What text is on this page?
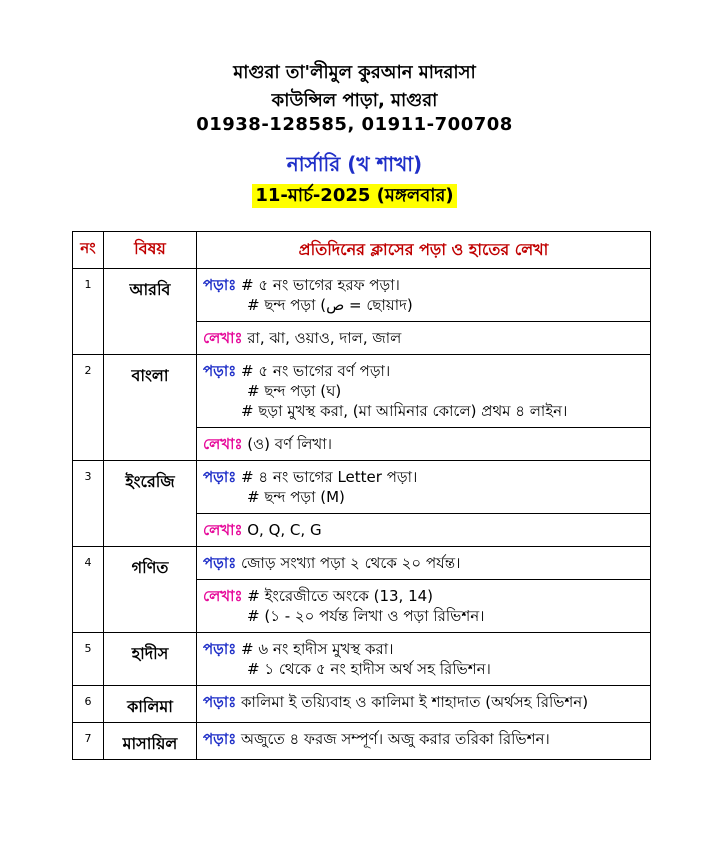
মাগুরা তা'লীমুল কুরআন মাদরাসা
কাউন্সিল পাড়া, মাগুরা
01938-128585, 01911-700708
নার্সারি (খ শাখা)
11-মার্চ-2025 (মঙ্গলবার)
নং	বিষয়	প্রতিদিনের ক্লাসের পড়া ও হাতের লেখা
1	আরবি	পড়াঃ # ৫ নং ভাগের হরফ পড়া।
# ছন্দ পড়া (ص = ছোয়াদ)

		লেখাঃ রা, ঝা, ওয়াও, দাল, জাল

2	বাংলা	পড়াঃ # ৫ নং ভাগের বর্ণ পড়া।
# ছন্দ পড়া (ঘ)
# ছড়া মুখস্থ করা, (মা আমিনার কোলে) প্রথম ৪ লাইন।

		লেখাঃ (ও) বর্ণ লিখা।

3	ইংরেজি	পড়াঃ # ৪ নং ভাগের Letter পড়া।
# ছন্দ পড়া (M)

		লেখাঃ O, Q, C, G

4	গণিত	পড়াঃ জোড় সংখ্যা পড়া ২ থেকে ২০ পর্যন্ত।

		লেখাঃ # ইংরেজীতে অংকে (13, 14)
# (১ - ২০ পর্যন্ত লিখা ও পড়া রিভিশন।

5	হাদীস	পড়াঃ # ৬ নং হাদীস মুখস্থ করা।
# ১ থেকে ৫ নং হাদীস অর্থ সহ রিভিশন।

6	কালিমা	পড়াঃ কালিমা ই তয়্যিবাহ ও কালিমা ই শাহাদাত (অর্থসহ রিভিশন)

7	মাসায়িল	পড়াঃ অজুতে ৪ ফরজ সম্পূর্ণ। অজু করার তরিকা রিভিশন।
